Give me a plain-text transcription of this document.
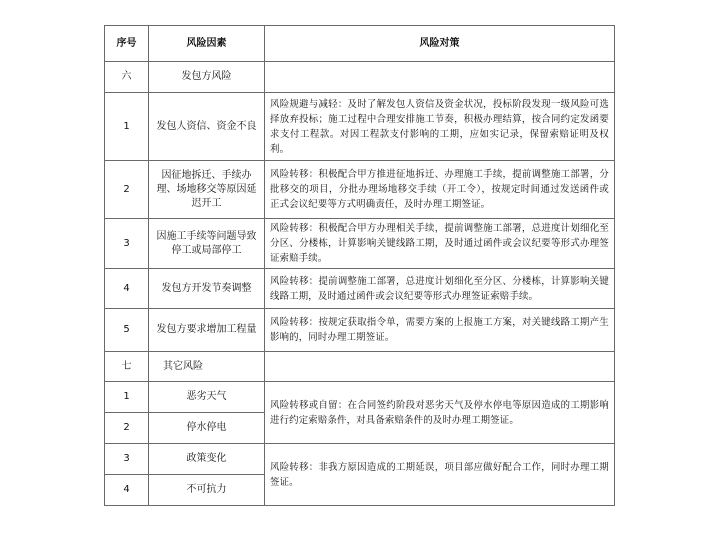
序号	风险因素	风险对策
六	发包方风险	
1	发包人资信、资金不良	风险规避与减轻：及时了解发包人资信及资金状况，投标阶段发现一级风险可选择放弃投标；施工过程中合理安排施工节奏，积极办理结算，按合同约定发函要求支付工程款。对因工程款支付影响的工期，应如实记录，保留索赔证明及权利。
2	因征地拆迁、手续办理、场地移交等原因延迟开工	风险转移：积极配合甲方推进征地拆迁、办理施工手续，提前调整施工部署，分批移交的项目，分批办理场地移交手续（开工令），按规定时间通过发送函件或正式会议纪要等方式明确责任，及时办理工期签证。
3	因施工手续等问题导致停工或局部停工	风险转移：积极配合甲方办理相关手续，提前调整施工部署，总进度计划细化至分区、分楼栋，计算影响关键线路工期，及时通过函件或会议纪要等形式办理签证索赔手续。
4	发包方开发节奏调整	风险转移：提前调整施工部署，总进度计划细化至分区、分楼栋，计算影响关键线路工期，及时通过函件或会议纪要等形式办理签证索赔手续。
5	发包方要求增加工程量	风险转移：按规定获取指令单，需要方案的上报施工方案，对关键线路工期产生影响的，同时办理工期签证。
七	其它风险	
1	恶劣天气	风险转移或自留：在合同签约阶段对恶劣天气及停水停电等原因造成的工期影响进行约定索赔条件，对具备索赔条件的及时办理工期签证。
2	停水停电	
3	政策变化	风险转移：非我方原因造成的工期延误，项目部应做好配合工作，同时办理工期签证。
4	不可抗力	
